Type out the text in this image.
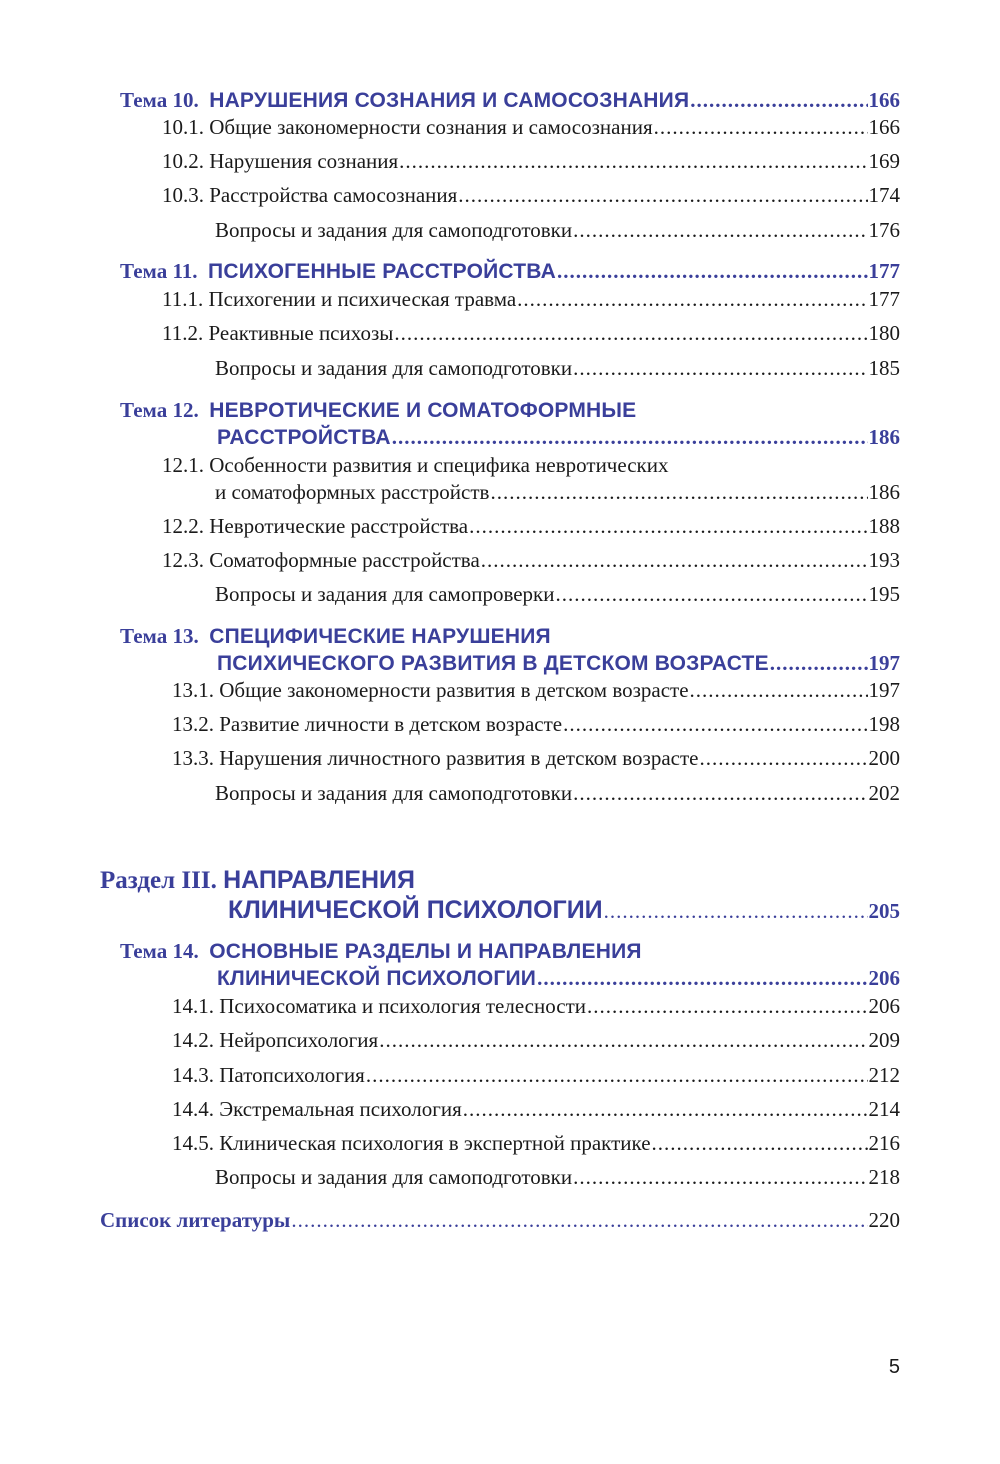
Тема 10. НАРУШЕНИЯ СОЗНАНИЯ И САМОСОЗНАНИЯ .....	166
10.1. Общие закономерности сознания и самосознания .....	166
10.2. Нарушения сознания .....	169
10.3. Расстройства самосознания .....	174
Вопросы и задания для самоподготовки .....	176
Тема 11. ПСИХОГЕННЫЕ РАССТРОЙСТВА .....	177
11.1. Психогении и психическая травма .....	177
11.2. Реактивные психозы .....	180
Вопросы и задания для самоподготовки .....	185
Тема 12. НЕВРОТИЧЕСКИЕ И СОМАТОФОРМНЫЕ
РАССТРОЙСТВА .....	186
12.1. Особенности развития и специфика невротических
и соматоформных расстройств .....	186
12.2. Невротические расстройства .....	188
12.3. Соматоформные расстройства .....	193
Вопросы и задания для самопроверки .....	195
Тема 13. СПЕЦИФИЧЕСКИЕ НАРУШЕНИЯ
ПСИХИЧЕСКОГО РАЗВИТИЯ В ДЕТСКОМ ВОЗРАСТЕ .....	197
13.1. Общие закономерности развития в детском возрасте .....	197
13.2. Развитие личности в детском возрасте .....	198
13.3. Нарушения личностного развития в детском возрасте .....	200
Вопросы и задания для самоподготовки .....	202
Раздел III. НАПРАВЛЕНИЯ
КЛИНИЧЕСКОЙ ПСИХОЛОГИИ .....	205
Тема 14. ОСНОВНЫЕ РАЗДЕЛЫ И НАПРАВЛЕНИЯ
КЛИНИЧЕСКОЙ ПСИХОЛОГИИ .....	206
14.1. Психосоматика и психология телесности .....	206
14.2. Нейропсихология .....	209
14.3. Патопсихология .....	212
14.4. Экстремальная психология .....	214
14.5. Клиническая психология в экспертной практике .....	216
Вопросы и задания для самоподготовки .....	218
Список литературы .....	220
5
